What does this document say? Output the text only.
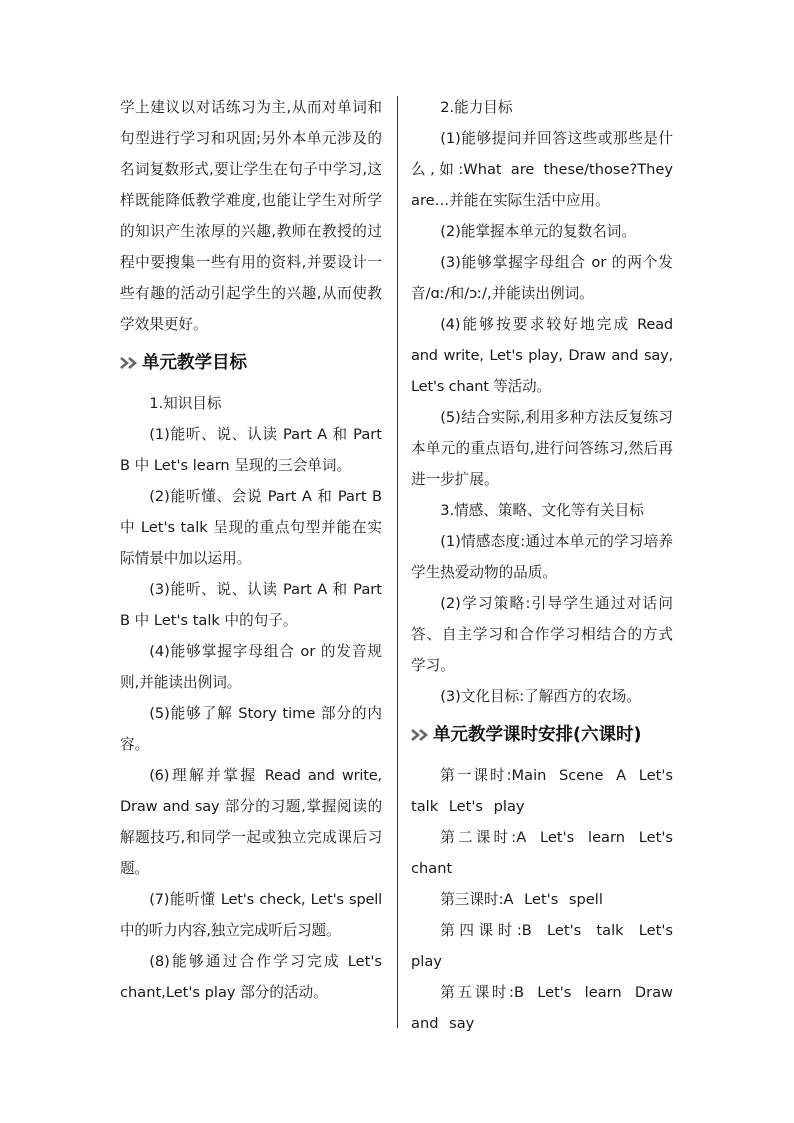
学上建议以对话练习为主,从而对单词和句型进行学习和巩固;另外本单元涉及的名词复数形式,要让学生在句子中学习,这样既能降低教学难度,也能让学生对所学的知识产生浓厚的兴趣,教师在教授的过程中要搜集一些有用的资料,并要设计一些有趣的活动引起学生的兴趣,从而使教学效果更好。

单元教学目标

1.知识目标

(1)能听、说、认读 Part A 和 Part B 中 Let's learn 呈现的三会单词。

(2)能听懂、会说 Part A 和 Part B 中 Let's talk 呈现的重点句型并能在实际情景中加以运用。

(3)能听、说、认读 Part A 和 Part B 中 Let's talk 中的句子。

(4)能够掌握字母组合 or 的发音规则,并能读出例词。

(5)能够了解 Story time 部分的内容。

(6)理解并掌握 Read and write, Draw and say 部分的习题,掌握阅读的解题技巧,和同学一起或独立完成课后习题。

(7)能听懂 Let's check, Let's spell 中的听力内容,独立完成听后习题。

(8)能够通过合作学习完成 Let's chant,Let's play 部分的活动。

2.能力目标

(1)能够提问并回答这些或那些是什么,如:What are these/those?They are…并能在实际生活中应用。

(2)能掌握本单元的复数名词。

(3)能够掌握字母组合 or 的两个发音/ɑː/和/ɔː/,并能读出例词。

(4)能够按要求较好地完成 Read and write, Let's play, Draw and say, Let's chant 等活动。

(5)结合实际,利用多种方法反复练习本单元的重点语句,进行问答练习,然后再进一步扩展。

3.情感、策略、文化等有关目标

(1)情感态度:通过本单元的学习培养学生热爱动物的品质。

(2)学习策略:引导学生通过对话问答、自主学习和合作学习相结合的方式学习。

(3)文化目标:了解西方的农场。

单元教学课时安排(六课时)

第一课时:Main Scene A Let's talk Let's play

第二课时:A Let's learn Let's chant

第三课时:A Let's spell

第四课时:B Let's talk Let's play

第五课时:B Let's learn Draw and say
